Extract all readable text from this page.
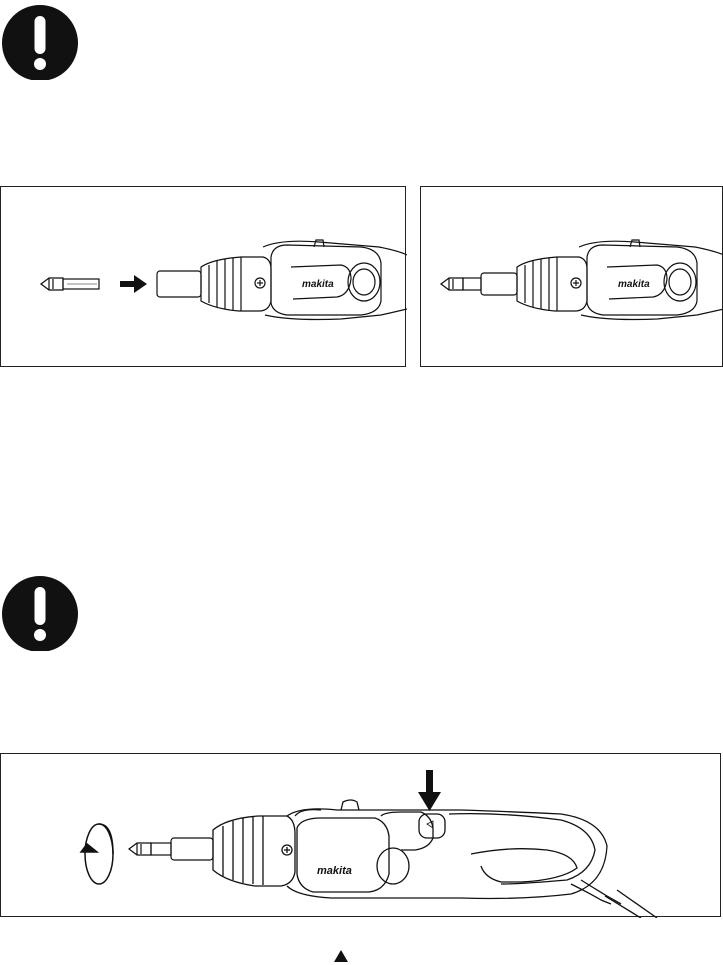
makita	makita
makita
